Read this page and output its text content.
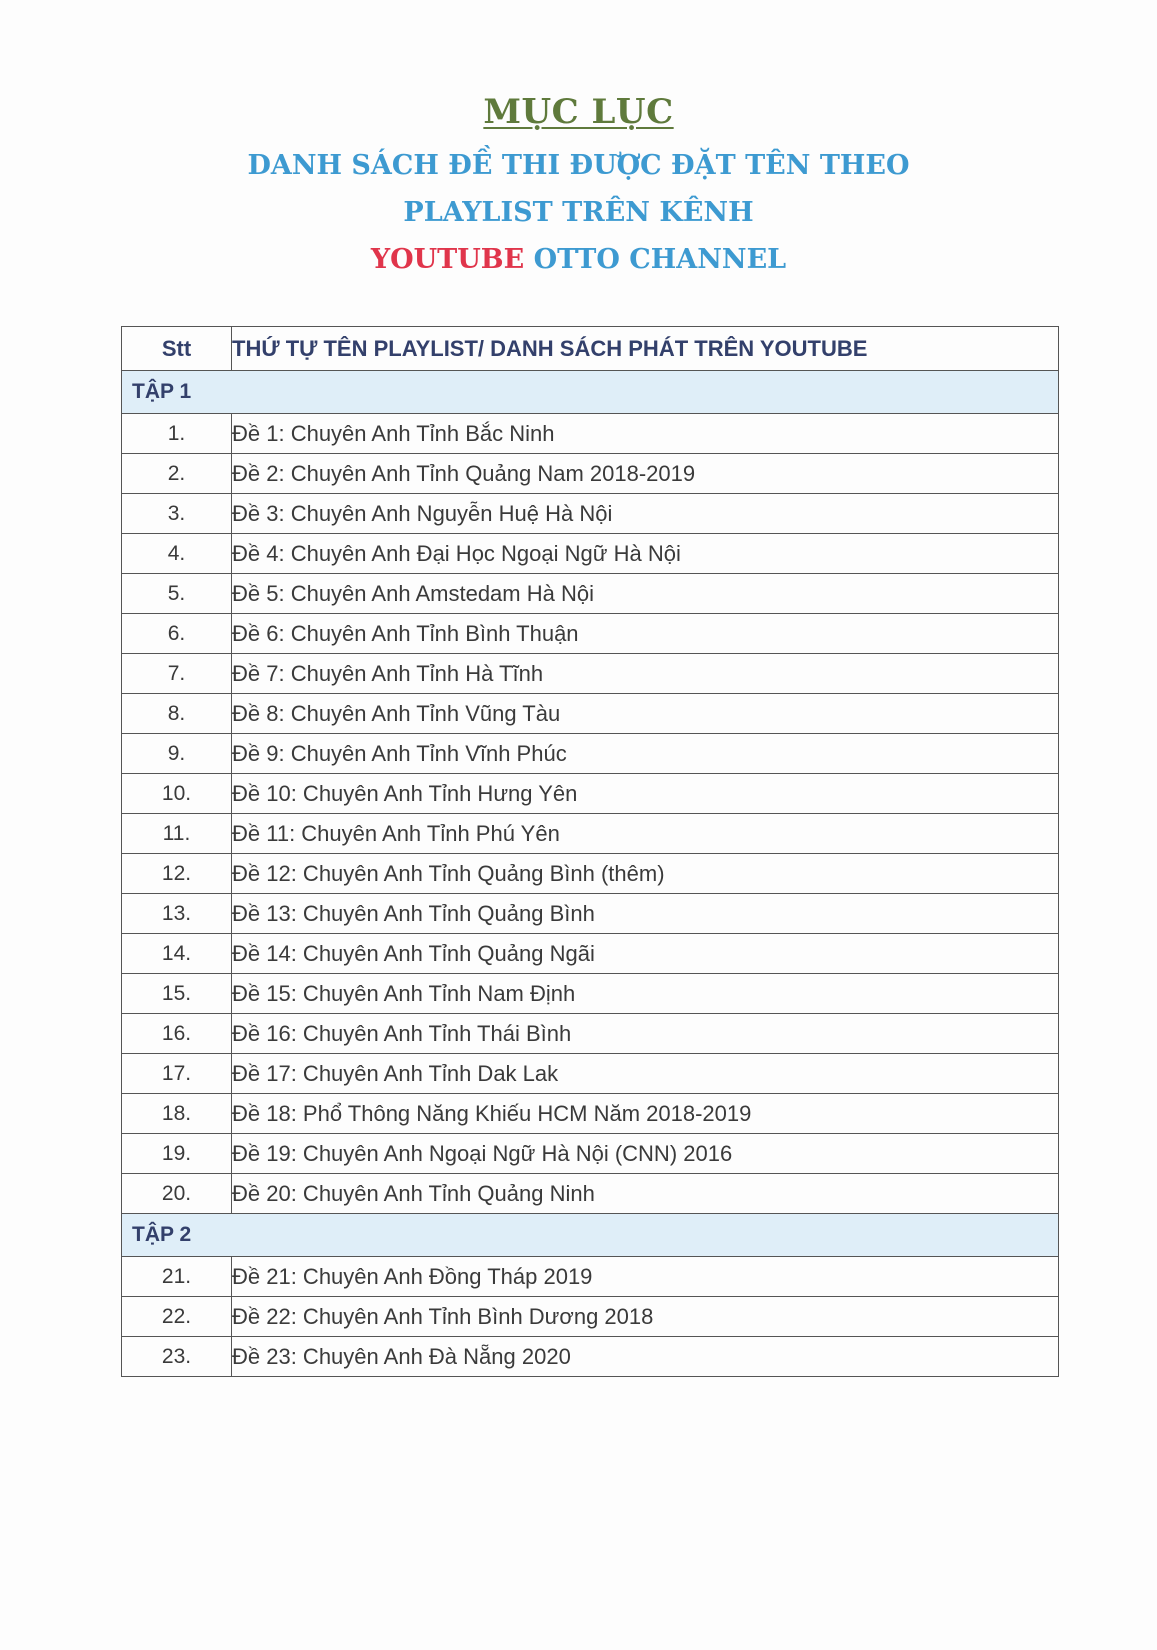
MỤC LỤC
DANH SÁCH ĐỀ THI ĐƯỢC ĐẶT TÊN THEO
PLAYLIST TRÊN KÊNH
YOUTUBE OTTO CHANNEL
Stt	THỨ TỰ TÊN PLAYLIST/ DANH SÁCH PHÁT TRÊN YOUTUBE
TẬP 1	
1.	Đề 1: Chuyên Anh Tỉnh Bắc Ninh
2.	Đề 2: Chuyên Anh Tỉnh Quảng Nam 2018-2019
3.	Đề 3: Chuyên Anh Nguyễn Huệ Hà Nội
4.	Đề 4: Chuyên Anh Đại Học Ngoại Ngữ Hà Nội
5.	Đề 5: Chuyên Anh Amstedam Hà Nội
6.	Đề 6: Chuyên Anh Tỉnh Bình Thuận
7.	Đề 7: Chuyên Anh Tỉnh Hà Tĩnh
8.	Đề 8: Chuyên Anh Tỉnh Vũng Tàu
9.	Đề 9: Chuyên Anh Tỉnh Vĩnh Phúc
10.	Đề 10: Chuyên Anh Tỉnh Hưng Yên
11.	Đề 11: Chuyên Anh Tỉnh Phú Yên
12.	Đề 12: Chuyên Anh Tỉnh Quảng Bình (thêm)
13.	Đề 13: Chuyên Anh Tỉnh Quảng Bình
14.	Đề 14: Chuyên Anh Tỉnh Quảng Ngãi
15.	Đề 15: Chuyên Anh Tỉnh Nam Định
16.	Đề 16: Chuyên Anh Tỉnh Thái Bình
17.	Đề 17: Chuyên Anh Tỉnh Dak Lak
18.	Đề 18: Phổ Thông Năng Khiếu HCM Năm 2018-2019
19.	Đề 19: Chuyên Anh Ngoại Ngữ Hà Nội (CNN) 2016
20.	Đề 20: Chuyên Anh Tỉnh Quảng Ninh
TẬP 2	
21.	Đề 21: Chuyên Anh Đồng Tháp 2019
22.	Đề 22: Chuyên Anh Tỉnh Bình Dương 2018
23.	Đề 23: Chuyên Anh Đà Nẵng 2020
